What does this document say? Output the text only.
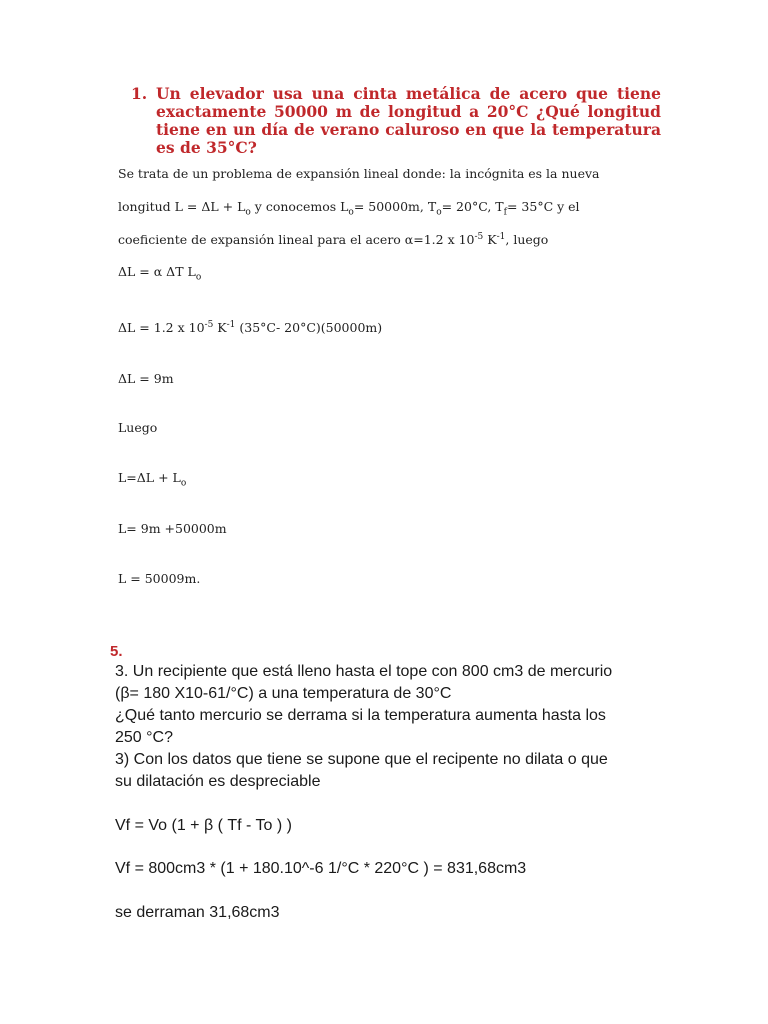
1. Un elevador usa una cinta metálica de acero que tiene exactamente 50000 m de longitud a 20°C ¿Qué longitud tiene en un día de verano caluroso en que la temperatura es de 35°C?
Se trata de un problema de expansión lineal donde: la incógnita es la nueva longitud $L = \Delta L + L_o$ y conocemos $L_o= 50000m$, $T_o= 20^\circ C$, $T_f= 35^\circ C$ y el coeficiente de expansión lineal para el acero α=1.2 x $10^{-5}$ $K^{-1}$, luego
ΔL = α ΔT $L_o$
ΔL = 1.2 x $10^{-5}$ $K^{-1}$ (35°C- 20°C)(50000m)
ΔL = 9m
Luego
$L=\Delta L + L_o$
L= 9m +50000m
L = 50009m.
5.
3. Un recipiente que está lleno hasta el tope con 800 cm3 de mercurio
(β= 180 X10-61/°C) a una temperatura de 30°C
¿Qué tanto mercurio se derrama si la temperatura aumenta hasta los
250 °C?
3) Con los datos que tiene se supone que el recipente no dilata o que
su dilatación es despreciable
Vf = Vo (1 + β ( Tf - To ) )
Vf = 800cm3 * (1 + 180.10^-6 1/°C * 220°C ) = 831,68cm3
se derraman 31,68cm3
